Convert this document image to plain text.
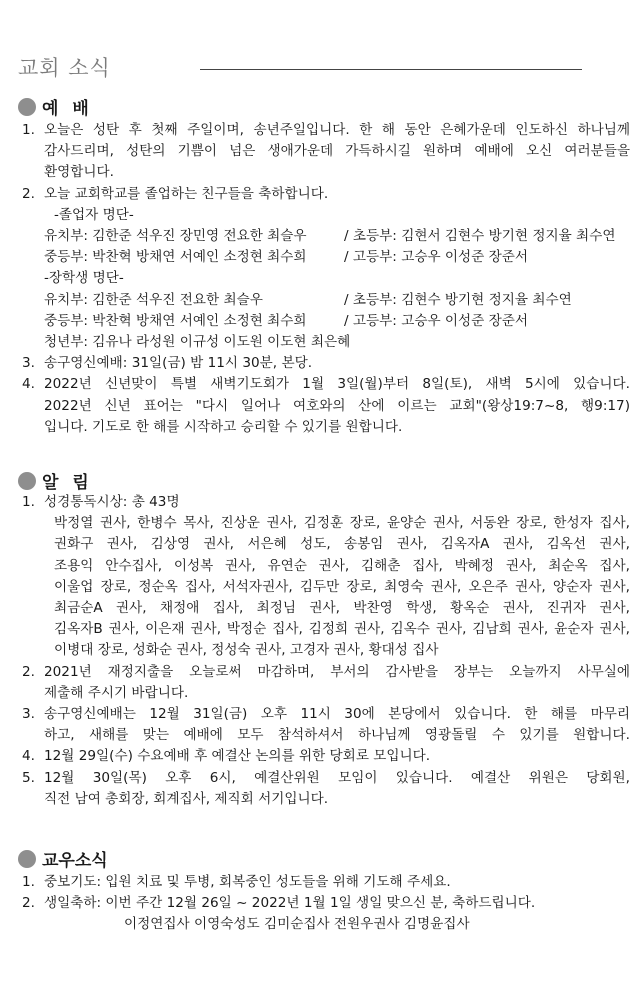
교회 소식
예 배
1. 오늘은 성탄 후 첫째 주일이며, 송년주일입니다. 한 해 동안 은혜가운데 인도하신 하나님께
감사드리며, 성탄의 기쁨이 넘은 생애가운데 가득하시길 원하며 예배에 오신 여러분들을
환영합니다.
2. 오늘 교회학교를 졸업하는 친구들을 축하합니다.
-졸업자 명단-
유치부: 김한준 석우진 장민영 전요한 최슬우	/ 초등부: 김현서 김현수 방기현 정지율 최수연
중등부: 박찬혁 방채연 서예인 소정현 최수희	/ 고등부: 고승우 이성준 장준서
-장학생 명단-
유치부: 김한준 석우진 전요한 최슬우	/ 초등부: 김현수 방기현 정지율 최수연
중등부: 박찬혁 방채연 서예인 소정현 최수희	/ 고등부: 고승우 이성준 장준서
청년부: 김유나 라성원 이규성 이도원 이도현 최은혜
3. 송구영신예배: 31일(금) 밤 11시 30분, 본당.
4. 2022년 신년맞이 특별 새벽기도회가 1월 3일(월)부터 8일(토), 새벽 5시에 있습니다.
2022년 신년 표어는 "다시 일어나 여호와의 산에 이르는 교회"(왕상19:7~8, 행9:17)
입니다. 기도로 한 해를 시작하고 승리할 수 있기를 원합니다.
알 림
1. 성경통독시상: 총 43명
박정열 권사, 한병수 목사, 진상운 권사, 김정훈 장로, 윤양순 권사, 서동완 장로, 한성자 집사,
권화구 권사, 김상영 권사, 서은혜 성도, 송봉임 권사, 김옥자A 권사, 김옥선 권사,
조용익 안수집사, 이성복 권사, 유연순 권사, 김해춘 집사, 박혜정 권사, 최순옥 집사,
이울업 장로, 정순옥 집사, 서석자권사, 김두만 장로, 최영숙 권사, 오은주 권사, 양순자 권사,
최금순A 권사, 채정애 집사, 최정님 권사, 박찬영 학생, 황옥순 권사, 진귀자 권사,
김옥자B 권사, 이은재 권사, 박정순 집사, 김정희 권사, 김옥수 권사, 김남희 권사, 윤순자 권사,
이병대 장로, 성화순 권사, 정성숙 권사, 고경자 권사, 황대성 집사
2. 2021년 재정지출을 오늘로써 마감하며, 부서의 감사받을 장부는 오늘까지 사무실에
제출해 주시기 바랍니다.
3. 송구영신예배는 12월 31일(금) 오후 11시 30에 본당에서 있습니다. 한 해를 마무리
하고, 새해를 맞는 예배에 모두 참석하셔서 하나님께 영광돌릴 수 있기를 원합니다.
4. 12월 29일(수) 수요예배 후 예결산 논의를 위한 당회로 모입니다.
5. 12월 30일(목) 오후 6시, 예결산위원 모임이 있습니다. 예결산 위원은 당회원,
직전 남여 총회장, 회계집사, 제직회 서기입니다.
교우소식
1. 중보기도: 입원 치료 및 투병, 회복중인 성도들을 위해 기도해 주세요.
2. 생일축하: 이번 주간 12월 26일 ~ 2022년 1월 1일 생일 맞으신 분, 축하드립니다.
이정연집사 이영숙성도 김미순집사 전원우권사 김명윤집사
